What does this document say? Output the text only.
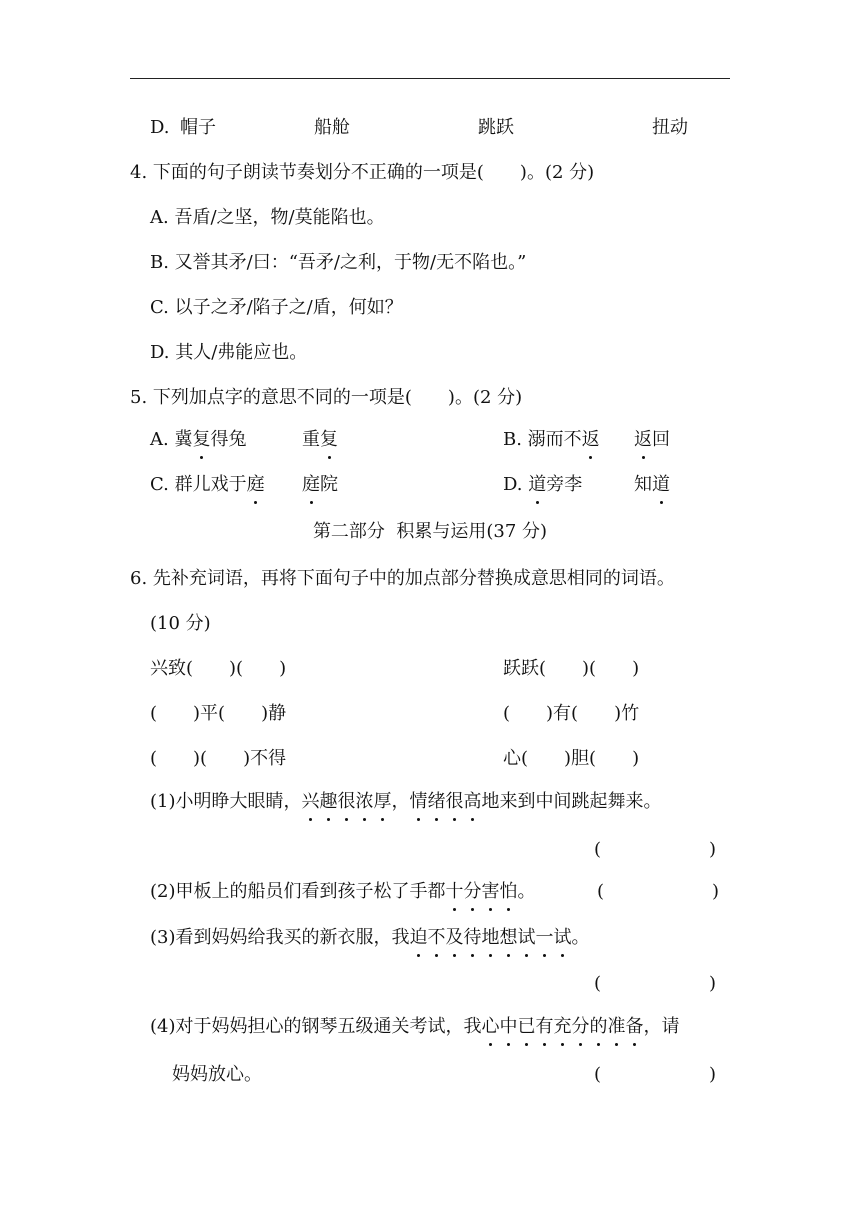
D. 帽子	船舱	跳跃	扭动
4. 下面的句子朗读节奏划分不正确的一项是(　　)。(2 分)
A. 吾盾/之坚，物/莫能陷也。
B. 又誉其矛/曰：“吾矛/之利，于物/无不陷也。”
C. 以子之矛/陷子之/盾，何如？
D. 其人/弗能应也。
5. 下列加点字的意思不同的一项是(　　)。(2 分)
A. 冀复得兔	重复	B. 溺而不返 返回
C. 群儿戏于庭 庭院	D. 道旁李	知道
第二部分  积累与运用(37 分)
6. 先补充词语，再将下面句子中的加点部分替换成意思相同的词语。
(10 分)
兴致(　　)(　　)	跃跃(　　)(　　)
(　　)平(　　)静	(　　)有(　　)竹
(　　)(　　)不得	心(　　)胆(　　)
(1)小明睁大眼睛，兴趣很浓厚，情绪很高地来到中间跳起舞来。
(　　　　　　)
(2)甲板上的船员们看到孩子松了手都十分害怕。	(　　　　　　)
(3)看到妈妈给我买的新衣服，我迫不及待地想试一试。
(　　　　　　)
(4)对于妈妈担心的钢琴五级通关考试，我心中已有充分的准备，请
妈妈放心。	(　　　　　　)
